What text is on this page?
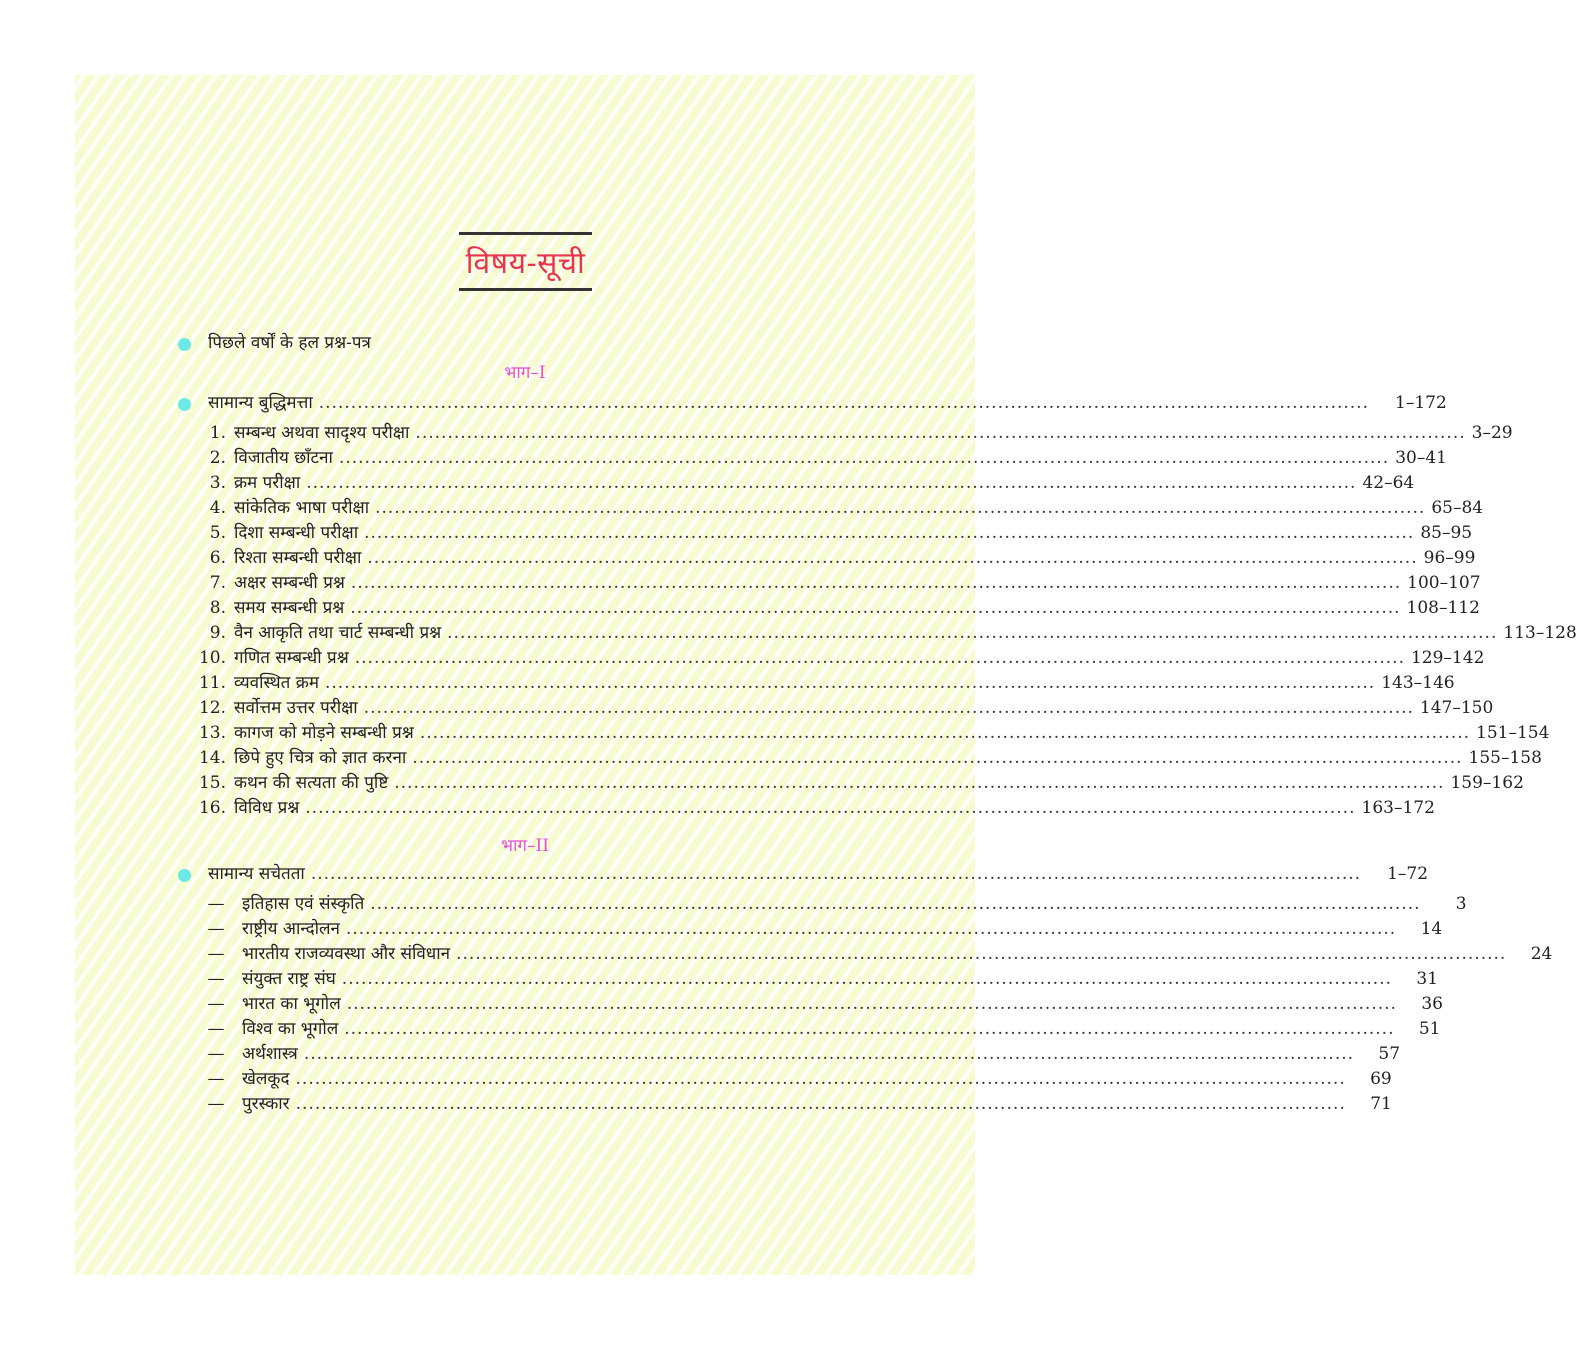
विषय-सूची
पिछले वर्षों के हल प्रश्न-पत्र
भाग–I
सामान्य बुद्धिमत्ता .................................................................................................................................................................... 1–172
1. सम्बन्ध अथवा सादृश्य परीक्षा .................................................................................................................................................................... 3–29
2. विजातीय छाँटना .................................................................................................................................................................... 30–41
3. क्रम परीक्षा .................................................................................................................................................................... 42–64
4. सांकेतिक भाषा परीक्षा .................................................................................................................................................................... 65–84
5. दिशा सम्बन्धी परीक्षा .................................................................................................................................................................... 85–95
6. रिश्ता सम्बन्धी परीक्षा .................................................................................................................................................................... 96–99
7. अक्षर सम्बन्धी प्रश्न .................................................................................................................................................................... 100–107
8. समय सम्बन्धी प्रश्न .................................................................................................................................................................... 108–112
9. वैन आकृति तथा चार्ट सम्बन्धी प्रश्न .................................................................................................................................................................... 113–128
10. गणित सम्बन्धी प्रश्न .................................................................................................................................................................... 129–142
11. व्यवस्थित क्रम .................................................................................................................................................................... 143–146
12. सर्वोत्तम उत्तर परीक्षा .................................................................................................................................................................... 147–150
13. कागज को मोड़ने सम्बन्धी प्रश्न .................................................................................................................................................................... 151–154
14. छिपे हुए चित्र को ज्ञात करना .................................................................................................................................................................... 155–158
15. कथन की सत्यता की पुष्टि .................................................................................................................................................................... 159–162
16. विविध प्रश्न .................................................................................................................................................................... 163–172
भाग–II
सामान्य सचेतता .................................................................................................................................................................... 1–72
— इतिहास एवं संस्कृति ....................................................................................................................................................................	3
— राष्ट्रीय आन्दोलन ....................................................................................................................................................................	14
— भारतीय राजव्यवस्था और संविधान ....................................................................................................................................................................	24
— संयुक्त राष्ट्र संघ ....................................................................................................................................................................	31
— भारत का भूगोल ....................................................................................................................................................................	36
— विश्व का भूगोल ....................................................................................................................................................................	51
— अर्थशास्त्र ....................................................................................................................................................................	57
— खेलकूद ....................................................................................................................................................................	69
— पुरस्कार ....................................................................................................................................................................	71
